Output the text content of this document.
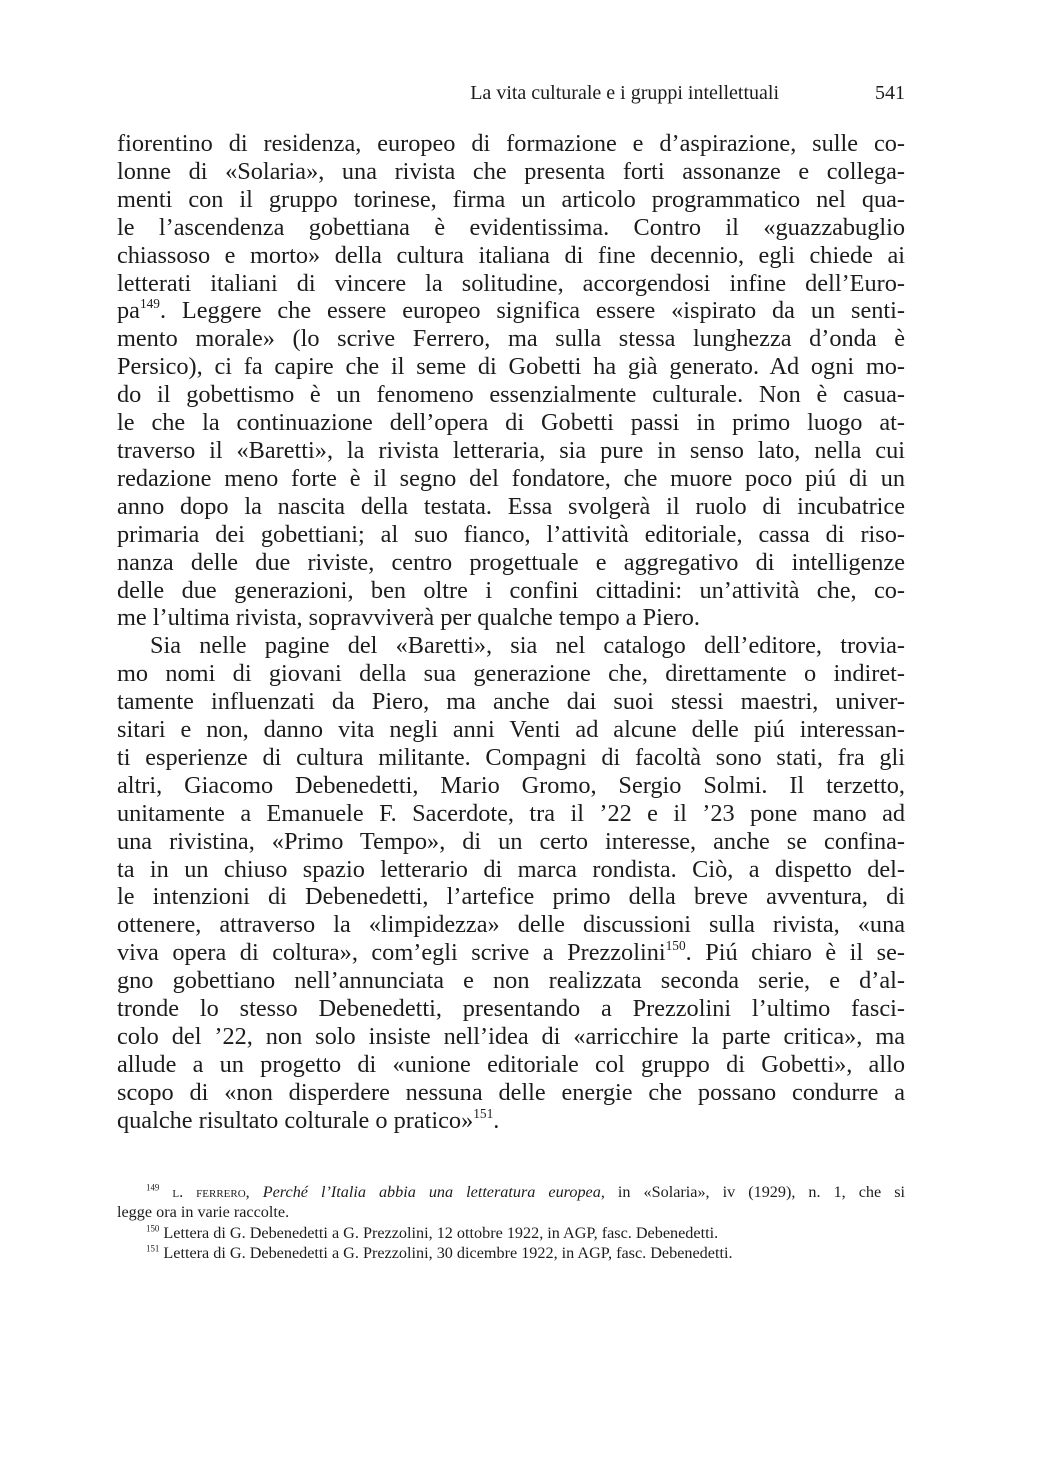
La vita culturale e i gruppi intellettuali	541
fiorentino di residenza, europeo di formazione e d’aspirazione, sulle co-
lonne di «Solaria», una rivista che presenta forti assonanze e collega-
menti con il gruppo torinese, firma un articolo programmatico nel qua-
le l’ascendenza gobettiana è evidentissima. Contro il «guazzabuglio
chiassoso e morto» della cultura italiana di fine decennio, egli chiede ai
letterati italiani di vincere la solitudine, accorgendosi infine dell’Euro-
$pa^{149}$. Leggere che essere europeo significa essere «ispirato da un senti-
mento morale» (lo scrive Ferrero, ma sulla stessa lunghezza d’onda è
Persico), ci fa capire che il seme di Gobetti ha già generato. Ad ogni mo-
do il gobettismo è un fenomeno essenzialmente culturale. Non è casua-
le che la continuazione dell’opera di Gobetti passi in primo luogo at-
traverso il «Baretti», la rivista letteraria, sia pure in senso lato, nella cui
redazione meno forte è il segno del fondatore, che muore poco piú di un
anno dopo la nascita della testata. Essa svolgerà il ruolo di incubatrice
primaria dei gobettiani; al suo fianco, l’attività editoriale, cassa di riso-
nanza delle due riviste, centro progettuale e aggregativo di intelligenze
delle due generazioni, ben oltre i confini cittadini: un’attività che, co-
me l’ultima rivista, sopravviverà per qualche tempo a Piero.
Sia nelle pagine del «Baretti», sia nel catalogo dell’editore, trovia-
mo nomi di giovani della sua generazione che, direttamente o indiret-
tamente influenzati da Piero, ma anche dai suoi stessi maestri, univer-
sitari e non, danno vita negli anni Venti ad alcune delle piú interessan-
ti esperienze di cultura militante. Compagni di facoltà sono stati, fra gli
altri, Giacomo Debenedetti, Mario Gromo, Sergio Solmi. Il terzetto,
unitamente a Emanuele F. Sacerdote, tra il ’22 e il ’23 pone mano ad
una rivistina, «Primo Tempo», di un certo interesse, anche se confina-
ta in un chiuso spazio letterario di marca rondista. Ciò, a dispetto del-
le intenzioni di Debenedetti, l’artefice primo della breve avventura, di
ottenere, attraverso la «limpidezza» delle discussioni sulla rivista, «una
viva opera di coltura», com’egli scrive a Prezzolini$^{150}$. Piú chiaro è il se-
gno gobettiano nell’annunciata e non realizzata seconda serie, e d’al-
tronde lo stesso Debenedetti, presentando a Prezzolini l’ultimo fasci-
colo del ’22, non solo insiste nell’idea di «arricchire la parte critica», ma
allude a un progetto di «unione editoriale col gruppo di Gobetti», allo
scopo di «non disperdere nessuna delle energie che possano condurre a
qualche risultato colturale o pratico»$^{151}$.
$^{149}$ l. ferrero, Perché l’Italia abbia una letteratura europea, in «Solaria», iv (1929), n. 1, che si
legge ora in varie raccolte.
$^{150}$ Lettera di G. Debenedetti a G. Prezzolini, 12 ottobre 1922, in AGP, fasc. Debenedetti.
$^{151}$ Lettera di G. Debenedetti a G. Prezzolini, 30 dicembre 1922, in AGP, fasc. Debenedetti.
